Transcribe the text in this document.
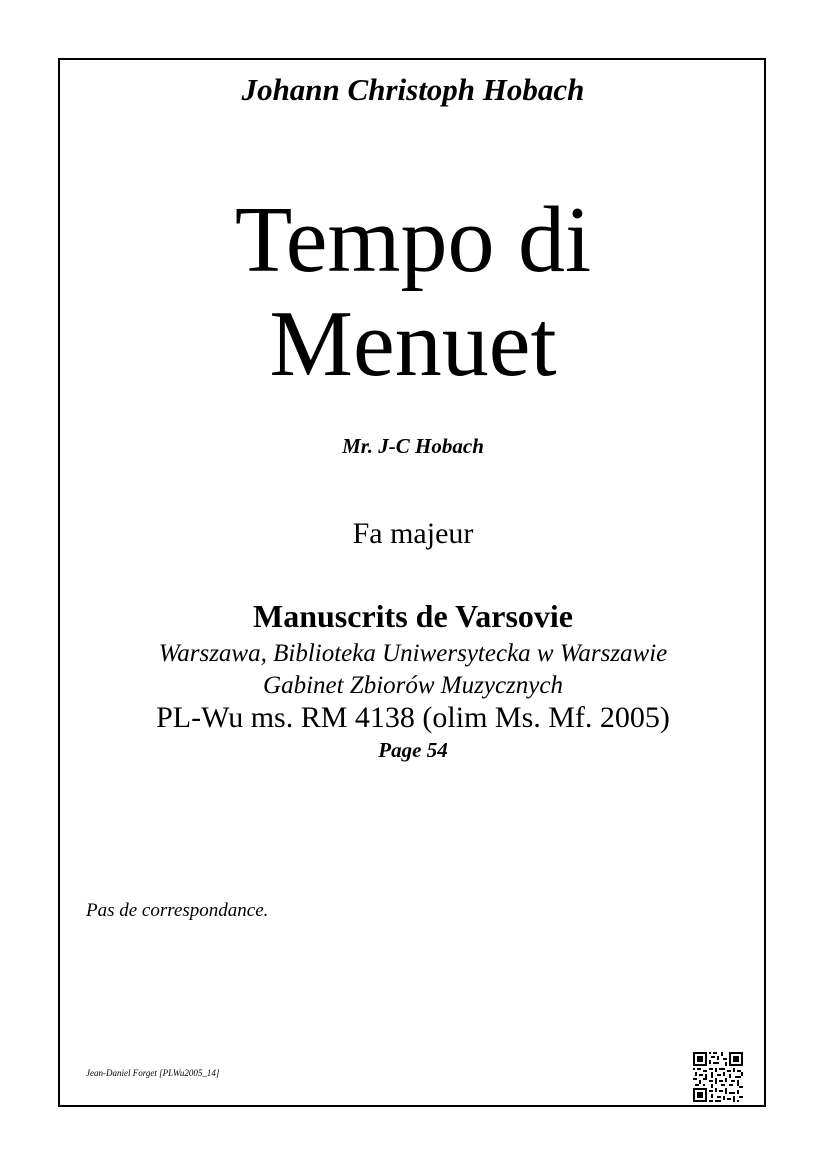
Johann Christoph Hobach
Tempo di
Menuet
Mr. J-C Hobach
Fa majeur
Manuscrits de Varsovie
Warszawa, Biblioteka Uniwersytecka w Warszawie
Gabinet Zbiorów Muzycznych
PL-Wu ms. RM 4138 (olim Ms. Mf. 2005)
Page 54
Pas de correspondance.
Jean-Daniel Forget [PLWu2005_14]
